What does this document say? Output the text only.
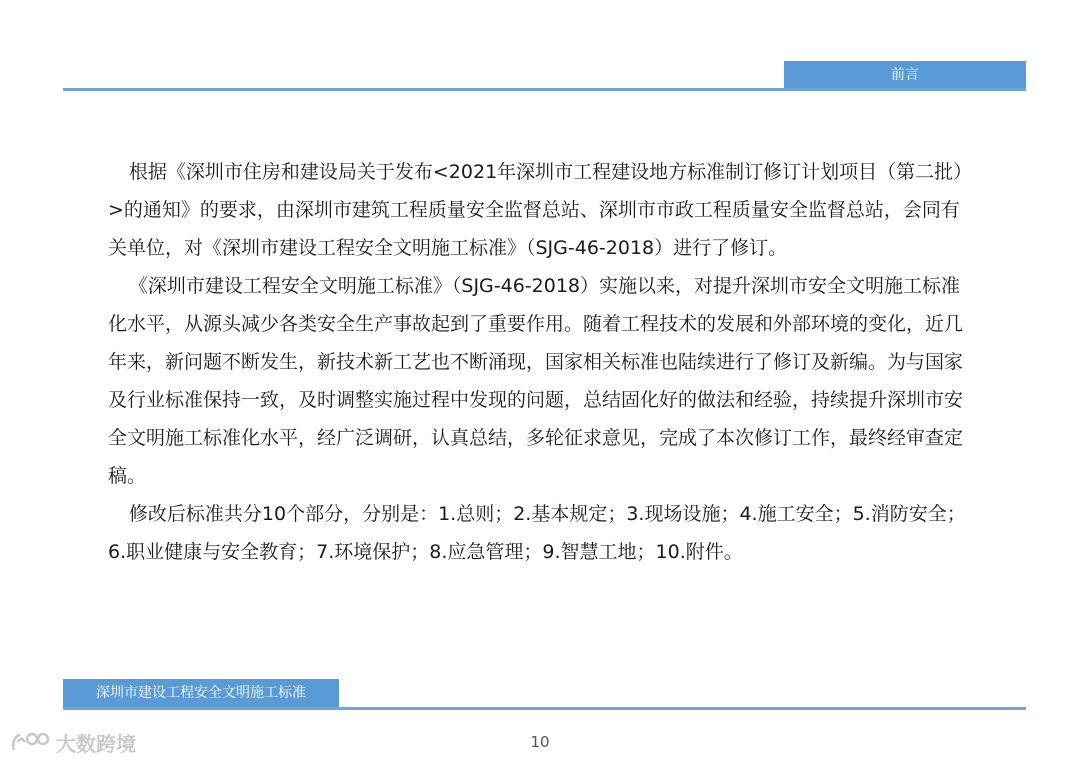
前言

根据《深圳市住房和建设局关于发布<2021年深圳市工程建设地方标准制订修订计划项目（第二批）>的通知》的要求，由深圳市建筑工程质量安全监督总站、深圳市市政工程质量安全监督总站，会同有关单位，对《深圳市建设工程安全文明施工标准》（SJG-46-2018）进行了修订。

《深圳市建设工程安全文明施工标准》（SJG-46-2018）实施以来，对提升深圳市安全文明施工标准化水平，从源头减少各类安全生产事故起到了重要作用。随着工程技术的发展和外部环境的变化，近几年来，新问题不断发生，新技术新工艺也不断涌现，国家相关标准也陆续进行了修订及新编。为与国家及行业标准保持一致，及时调整实施过程中发现的问题，总结固化好的做法和经验，持续提升深圳市安全文明施工标准化水平，经广泛调研，认真总结，多轮征求意见，完成了本次修订工作，最终经审查定稿。

修改后标准共分10个部分，分别是：1.总则；2.基本规定；3.现场设施；4.施工安全；5.消防安全；6.职业健康与安全教育；7.环境保护；8.应急管理；9.智慧工地；10.附件。

深圳市建设工程安全文明施工标准
10
大数跨境
